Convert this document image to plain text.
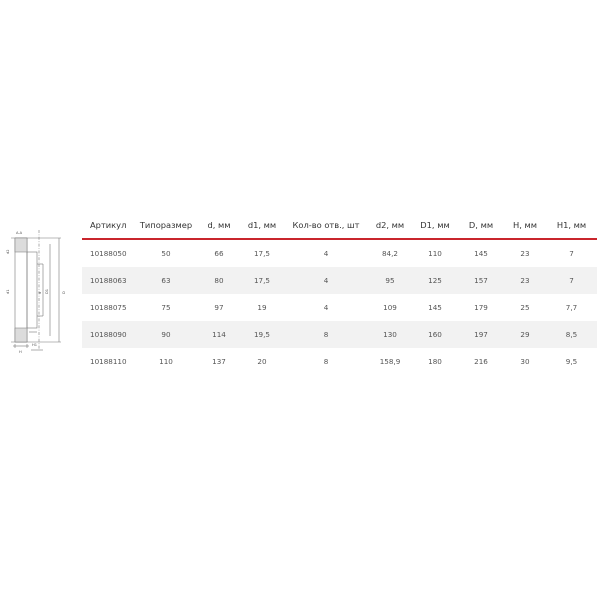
A-A
d2
d1	d D1	D
H
H1
Артикул	Типоразмер	d, мм	d1, мм	Кол-во отв., шт	d2, мм	D1, мм	D, мм	H, мм	H1, мм
10188050	50	66	17,5	4	84,2	110	145	23	7
10188063	63	80	17,5	4	95	125	157	23	7
10188075	75	97	19	4	109	145	179	25	7,7
10188090	90	114	19,5	8	130	160	197	29	8,5
10188110	110	137	20	8	158,9	180	216	30	9,5
